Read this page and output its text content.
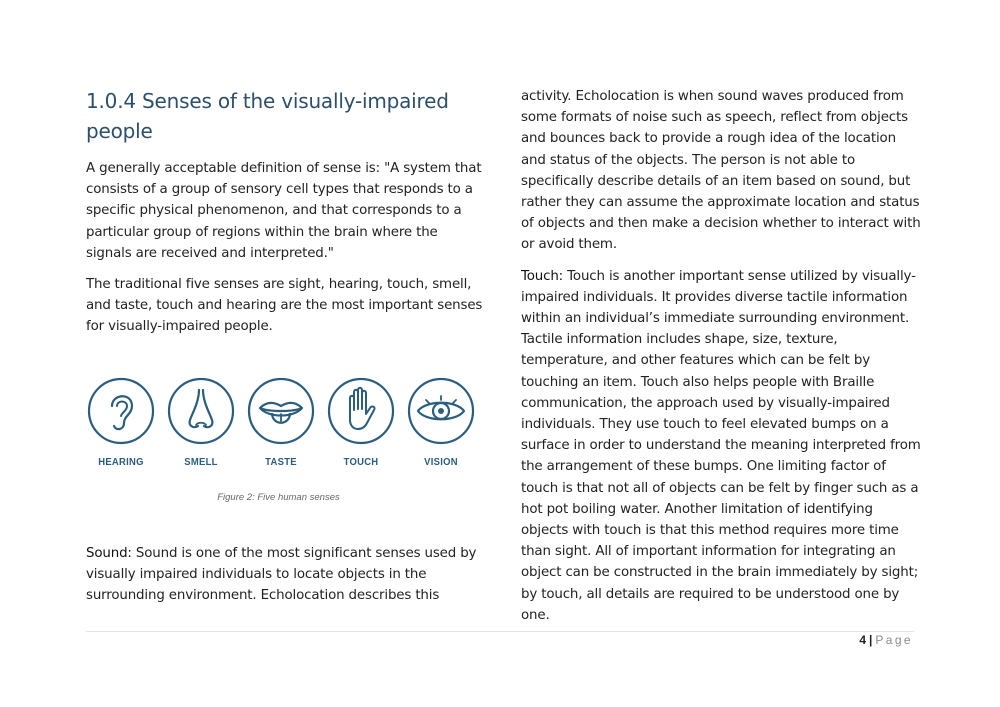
1.0.4 Senses of the visually-impaired people

A generally acceptable definition of sense is: "A system that consists of a group of sensory cell types that responds to a specific physical phenomenon, and that corresponds to a particular group of regions within the brain where the signals are received and interpreted."

The traditional five senses are sight, hearing, touch, smell, and taste, touch and hearing are the most important senses for visually-impaired people.

HEARING	SMELL	TASTE	TOUCH	VISION
Figure 2: Five human senses

Sound: Sound is one of the most significant senses used by visually impaired individuals to locate objects in the surrounding environment. Echolocation describes this

activity. Echolocation is when sound waves produced from some formats of noise such as speech, reflect from objects and bounces back to provide a rough idea of the location and status of the objects. The person is not able to specifically describe details of an item based on sound, but rather they can assume the approximate location and status of objects and then make a decision whether to interact with or avoid them.

Touch: Touch is another important sense utilized by visually-impaired individuals. It provides diverse tactile information within an individual’s immediate surrounding environment. Tactile information includes shape, size, texture, temperature, and other features which can be felt by touching an item. Touch also helps people with Braille communication, the approach used by visually-impaired individuals. They use touch to feel elevated bumps on a surface in order to understand the meaning interpreted from the arrangement of these bumps. One limiting factor of touch is that not all of objects can be felt by finger such as a hot pot boiling water. Another limitation of identifying objects with touch is that this method requires more time than sight. All of important information for integrating an object can be constructed in the brain immediately by sight; by touch, all details are required to be understood one by one.

4 | Page
